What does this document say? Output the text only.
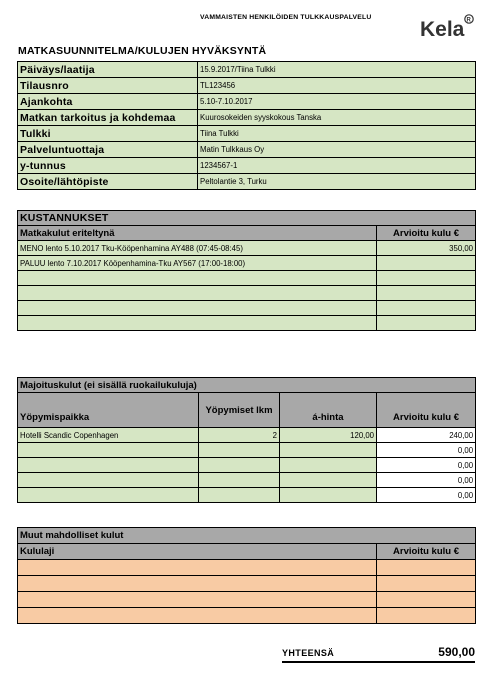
VAMMAISTEN HENKILÖIDEN TULKKAUSPALVELU
Kela R
MATKASUUNNITELMA/KULUJEN HYVÄKSYNTÄ
Päiväys/laatija	15.9.2017/Tiina Tulkki
Tilausnro	TL123456
Ajankohta	5.10-7.10.2017
Matkan tarkoitus ja kohdemaa	Kuurosokeiden syyskokous Tanska
Tulkki	Tiina Tulkki
Palveluntuottaja	Matin Tulkkaus Oy
y-tunnus	1234567-1
Osoite/lähtöpiste	Peltolantie 3, Turku
KUSTANNUKSET	
Matkakulut eriteltynä	Arvioitu kulu €
MENO lento 5.10.2017 Tku-Kööpenhamina AY488 (07:45-08:45)	350,00
PALUU lento 7.10.2017 Kööpenhamina-Tku AY567 (17:00-18:00)	

Majoituskulut (ei sisällä ruokailukuluja)			
Yöpymispaikka	Yöpymiset lkm	á-hinta	Arvioitu kulu €
Hotelli Scandic Copenhagen	2	120,00	240,00
			0,00
			0,00
			0,00
			0,00
Muut mahdolliset kulut	
Kululaji	Arvioitu kulu €

YHTEENSÄ	590,00
